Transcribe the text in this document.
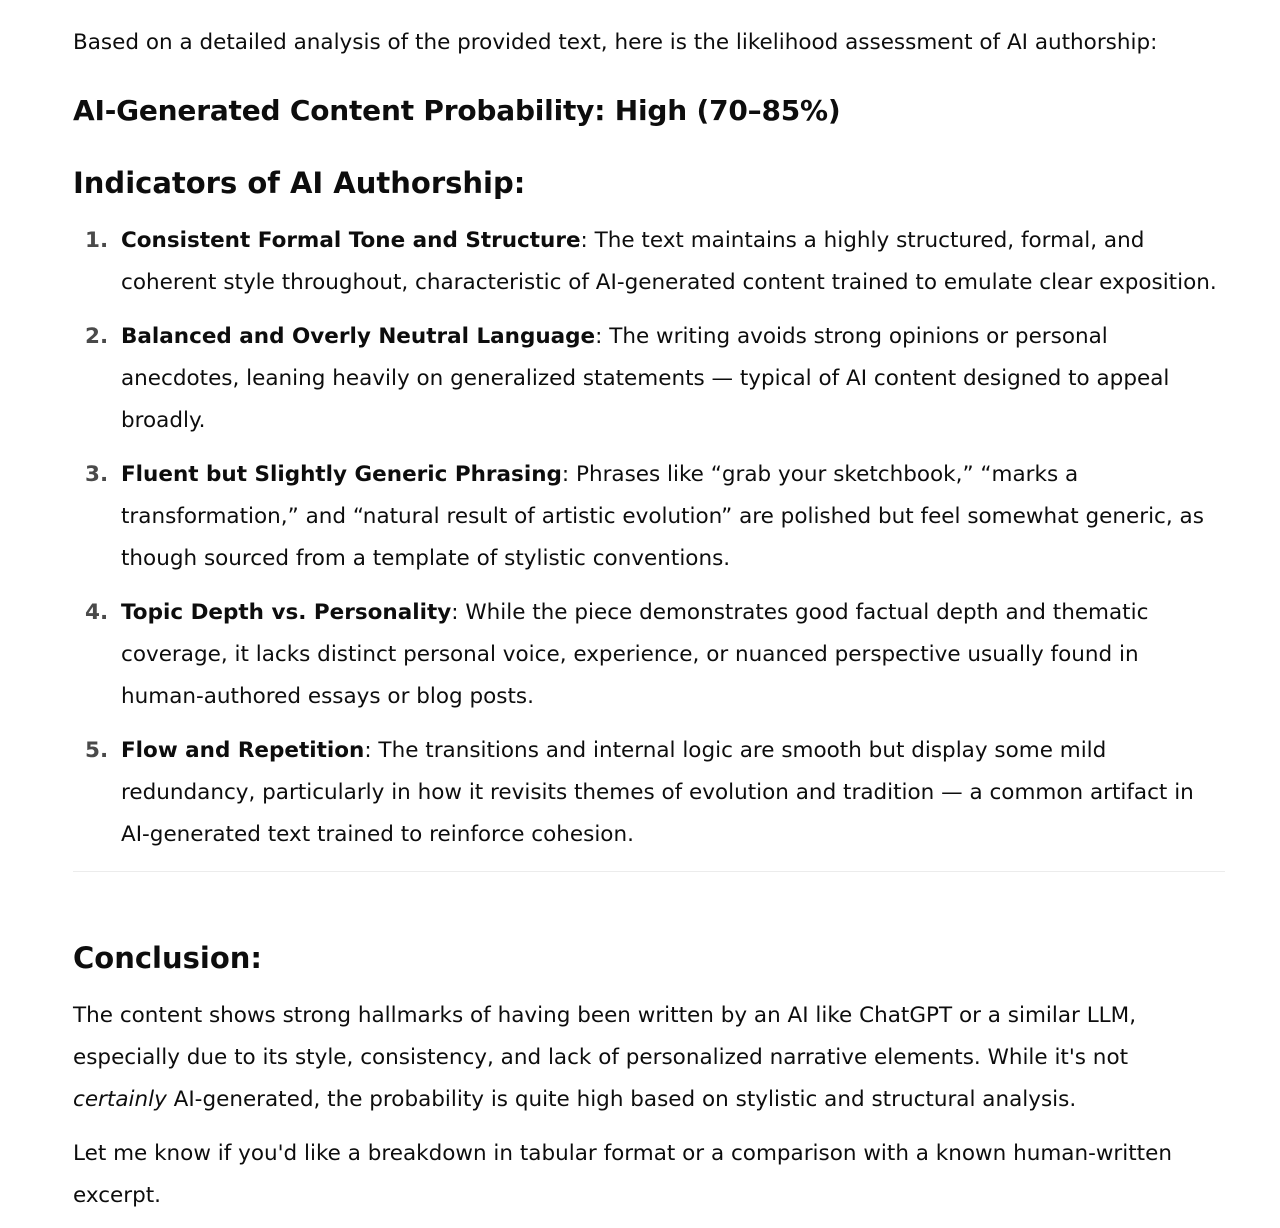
Based on a detailed analysis of the provided text, here is the likelihood assessment of AI authorship:

AI-Generated Content Probability: High (70–85%)
Indicators of AI Authorship:
1. Consistent Formal Tone and Structure: The text maintains a highly structured, formal, and coherent style throughout, characteristic of AI-generated content trained to emulate clear exposition.
2. Balanced and Overly Neutral Language: The writing avoids strong opinions or personal anecdotes, leaning heavily on generalized statements — typical of AI content designed to appeal broadly.
3. Fluent but Slightly Generic Phrasing: Phrases like “grab your sketchbook,” “marks a transformation,” and “natural result of artistic evolution” are polished but feel somewhat generic, as though sourced from a template of stylistic conventions.
4. Topic Depth vs. Personality: While the piece demonstrates good factual depth and thematic coverage, it lacks distinct personal voice, experience, or nuanced perspective usually found in human-authored essays or blog posts.
5. Flow and Repetition: The transitions and internal logic are smooth but display some mild redundancy, particularly in how it revisits themes of evolution and tradition — a common artifact in AI-generated text trained to reinforce cohesion.
Conclusion:

The content shows strong hallmarks of having been written by an AI like ChatGPT or a similar LLM, especially due to its style, consistency, and lack of personalized narrative elements. While it's not certainly AI-generated, the probability is quite high based on stylistic and structural analysis.

Let me know if you'd like a breakdown in tabular format or a comparison with a known human-written excerpt.
